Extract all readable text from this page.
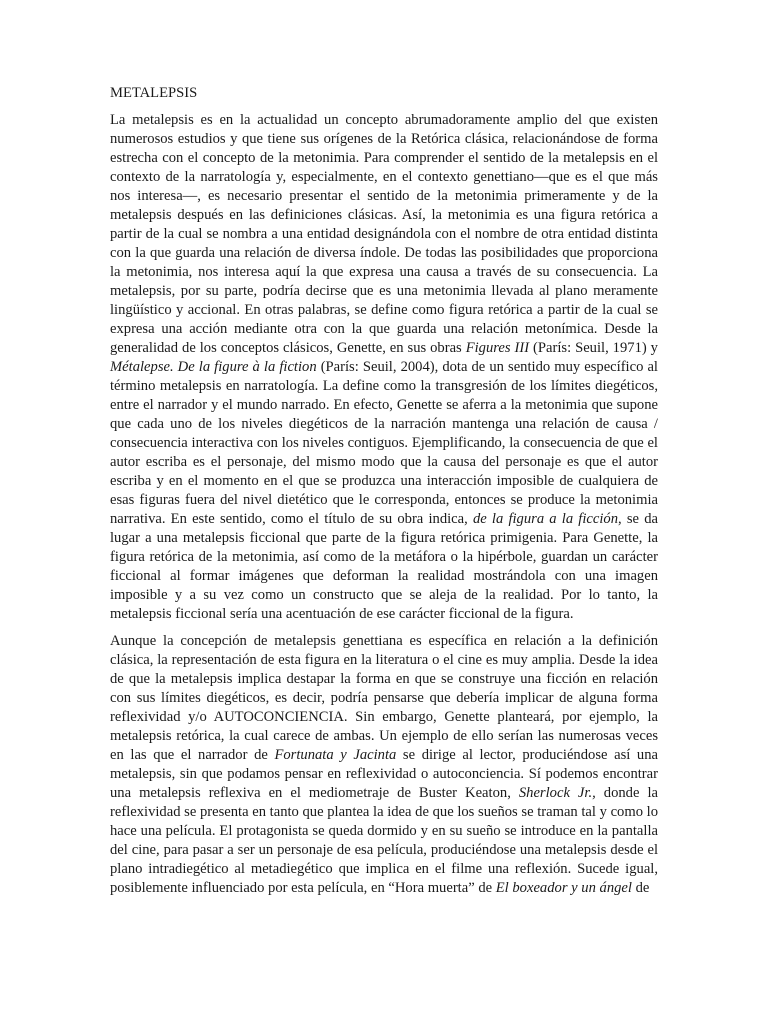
METALEPSIS

La metalepsis es en la actualidad un concepto abrumadoramente amplio del que existen numerosos estudios y que tiene sus orígenes de la Retórica clásica, relacionándose de forma estrecha con el concepto de la metonimia. Para comprender el sentido de la metalepsis en el contexto de la narratología y, especialmente, en el contexto genettiano—que es el que más nos interesa—, es necesario presentar el sentido de la metonimia primeramente y de la metalepsis después en las definiciones clásicas. Así, la metonimia es una figura retórica a partir de la cual se nombra a una entidad designándola con el nombre de otra entidad distinta con la que guarda una relación de diversa índole. De todas las posibilidades que proporciona la metonimia, nos interesa aquí la que expresa una causa a través de su consecuencia. La metalepsis, por su parte, podría decirse que es una metonimia llevada al plano meramente lingüístico y accional. En otras palabras, se define como figura retórica a partir de la cual se expresa una acción mediante otra con la que guarda una relación metonímica. Desde la generalidad de los conceptos clásicos, Genette, en sus obras Figures III (París: Seuil, 1971) y Métalepse. De la figure à la fiction (París: Seuil, 2004), dota de un sentido muy específico al término metalepsis en narratología. La define como la transgresión de los límites diegéticos, entre el narrador y el mundo narrado. En efecto, Genette se aferra a la metonimia que supone que cada uno de los niveles diegéticos de la narración mantenga una relación de causa / consecuencia interactiva con los niveles contiguos. Ejemplificando, la consecuencia de que el autor escriba es el personaje, del mismo modo que la causa del personaje es que el autor escriba y en el momento en el que se produzca una interacción imposible de cualquiera de esas figuras fuera del nivel dietético que le corresponda, entonces se produce la metonimia narrativa. En este sentido, como el título de su obra indica, de la figura a la ficción, se da lugar a una metalepsis ficcional que parte de la figura retórica primigenia. Para Genette, la figura retórica de la metonimia, así como de la metáfora o la hipérbole, guardan un carácter ficcional al formar imágenes que deforman la realidad mostrándola con una imagen imposible y a su vez como un constructo que se aleja de la realidad. Por lo tanto, la metalepsis ficcional sería una acentuación de ese carácter ficcional de la figura.

Aunque la concepción de metalepsis genettiana es específica en relación a la definición clásica, la representación de esta figura en la literatura o el cine es muy amplia. Desde la idea de que la metalepsis implica destapar la forma en que se construye una ficción en relación con sus límites diegéticos, es decir, podría pensarse que debería implicar de alguna forma reflexividad y/o AUTOCONCIENCIA. Sin embargo, Genette planteará, por ejemplo, la metalepsis retórica, la cual carece de ambas. Un ejemplo de ello serían las numerosas veces en las que el narrador de Fortunata y Jacinta se dirige al lector, produciéndose así una metalepsis, sin que podamos pensar en reflexividad o autoconciencia. Sí podemos encontrar una metalepsis reflexiva en el mediometraje de Buster Keaton, Sherlock Jr., donde la reflexividad se presenta en tanto que plantea la idea de que los sueños se traman tal y como lo hace una película. El protagonista se queda dormido y en su sueño se introduce en la pantalla del cine, para pasar a ser un personaje de esa película, produciéndose una metalepsis desde el plano intradiegético al metadiegético que implica en el filme una reflexión. Sucede igual, posiblemente influenciado por esta película, en “Hora muerta” de El boxeador y un ángel de
